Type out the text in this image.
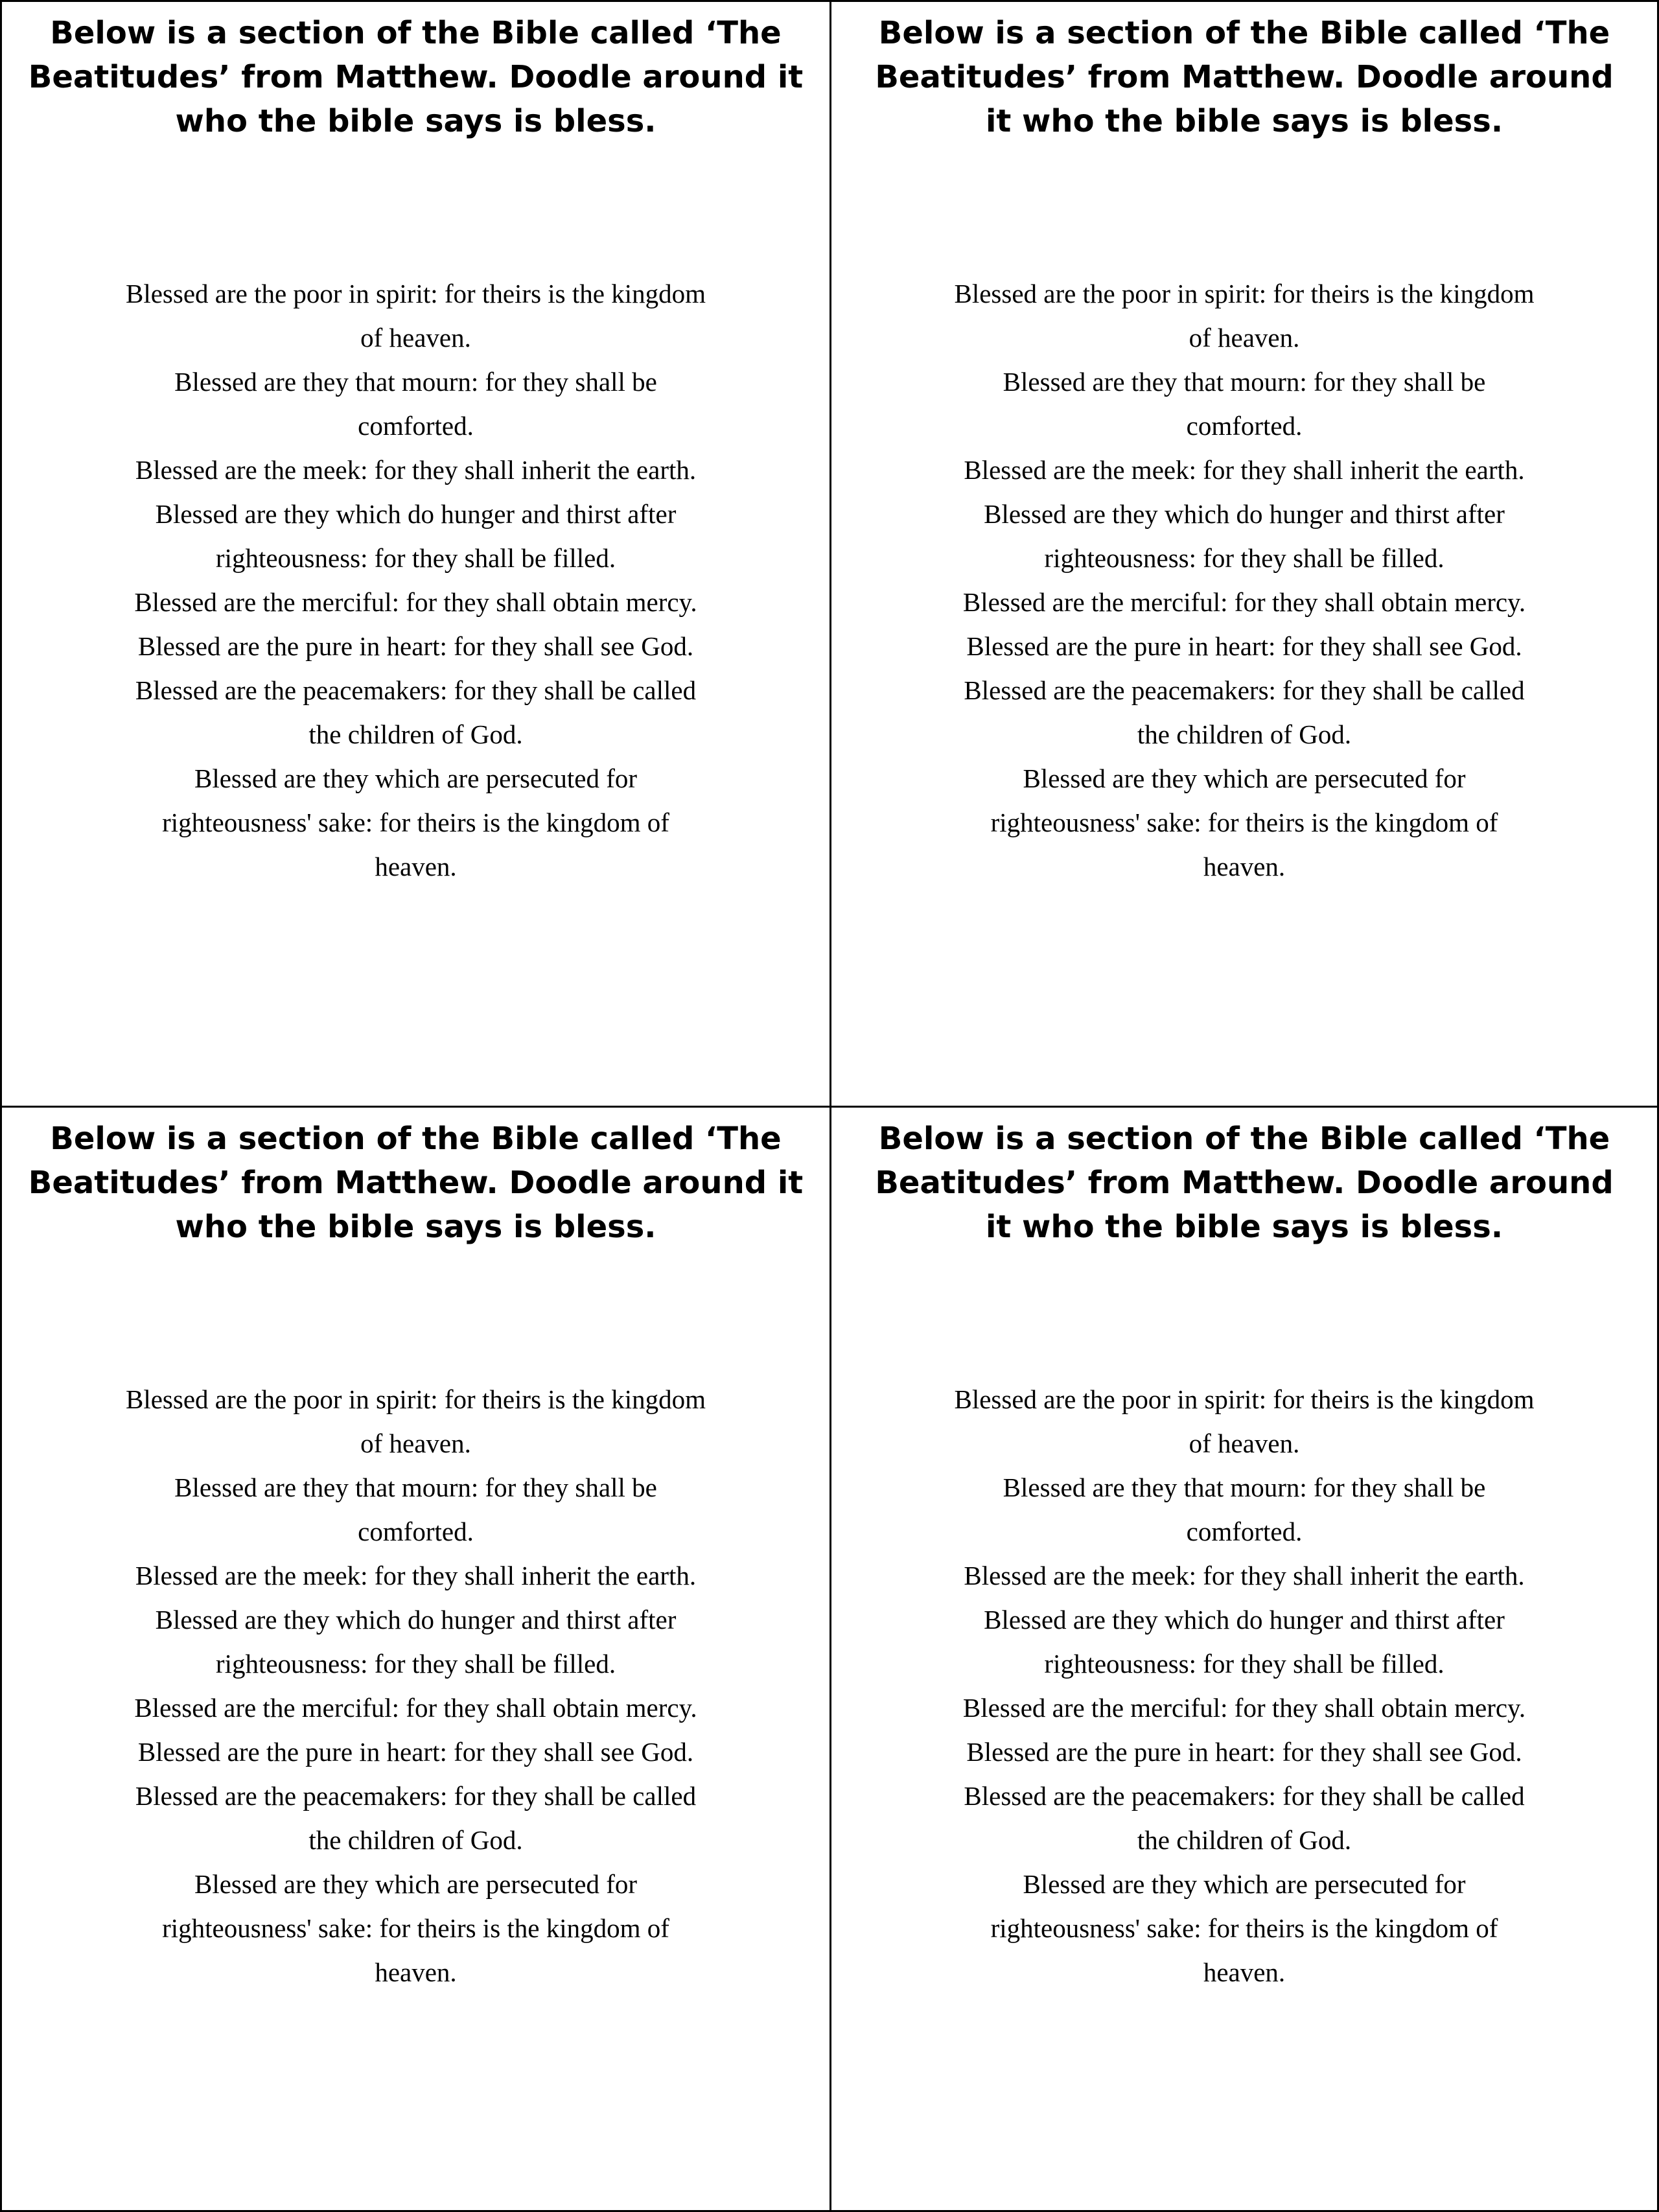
Below is a section of the Bible called ‘The Beatitudes’ from Matthew. Doodle around it who the bible says is bless.
Blessed are the poor in spirit: for theirs is the kingdom of heaven.
Blessed are they that mourn: for they shall be comforted.
Blessed are the meek: for they shall inherit the earth.
Blessed are they which do hunger and thirst after righteousness: for they shall be filled.
Blessed are the merciful: for they shall obtain mercy.
Blessed are the pure in heart: for they shall see God.
Blessed are the peacemakers: for they shall be called the children of God.
Blessed are they which are persecuted for righteousness' sake: for theirs is the kingdom of heaven.
Below is a section of the Bible called ‘The Beatitudes’ from Matthew. Doodle around it who the bible says is bless.
Blessed are the poor in spirit: for theirs is the kingdom of heaven.
Blessed are they that mourn: for they shall be comforted.
Blessed are the meek: for they shall inherit the earth.
Blessed are they which do hunger and thirst after righteousness: for they shall be filled.
Blessed are the merciful: for they shall obtain mercy.
Blessed are the pure in heart: for they shall see God.
Blessed are the peacemakers: for they shall be called the children of God.
Blessed are they which are persecuted for righteousness' sake: for theirs is the kingdom of heaven.
Below is a section of the Bible called ‘The Beatitudes’ from Matthew. Doodle around it who the bible says is bless.
Blessed are the poor in spirit: for theirs is the kingdom of heaven.
Blessed are they that mourn: for they shall be comforted.
Blessed are the meek: for they shall inherit the earth.
Blessed are they which do hunger and thirst after righteousness: for they shall be filled.
Blessed are the merciful: for they shall obtain mercy.
Blessed are the pure in heart: for they shall see God.
Blessed are the peacemakers: for they shall be called the children of God.
Blessed are they which are persecuted for righteousness' sake: for theirs is the kingdom of heaven.
Below is a section of the Bible called ‘The Beatitudes’ from Matthew. Doodle around it who the bible says is bless.
Blessed are the poor in spirit: for theirs is the kingdom of heaven.
Blessed are they that mourn: for they shall be comforted.
Blessed are the meek: for they shall inherit the earth.
Blessed are they which do hunger and thirst after righteousness: for they shall be filled.
Blessed are the merciful: for they shall obtain mercy.
Blessed are the pure in heart: for they shall see God.
Blessed are the peacemakers: for they shall be called the children of God.
Blessed are they which are persecuted for righteousness' sake: for theirs is the kingdom of heaven.
